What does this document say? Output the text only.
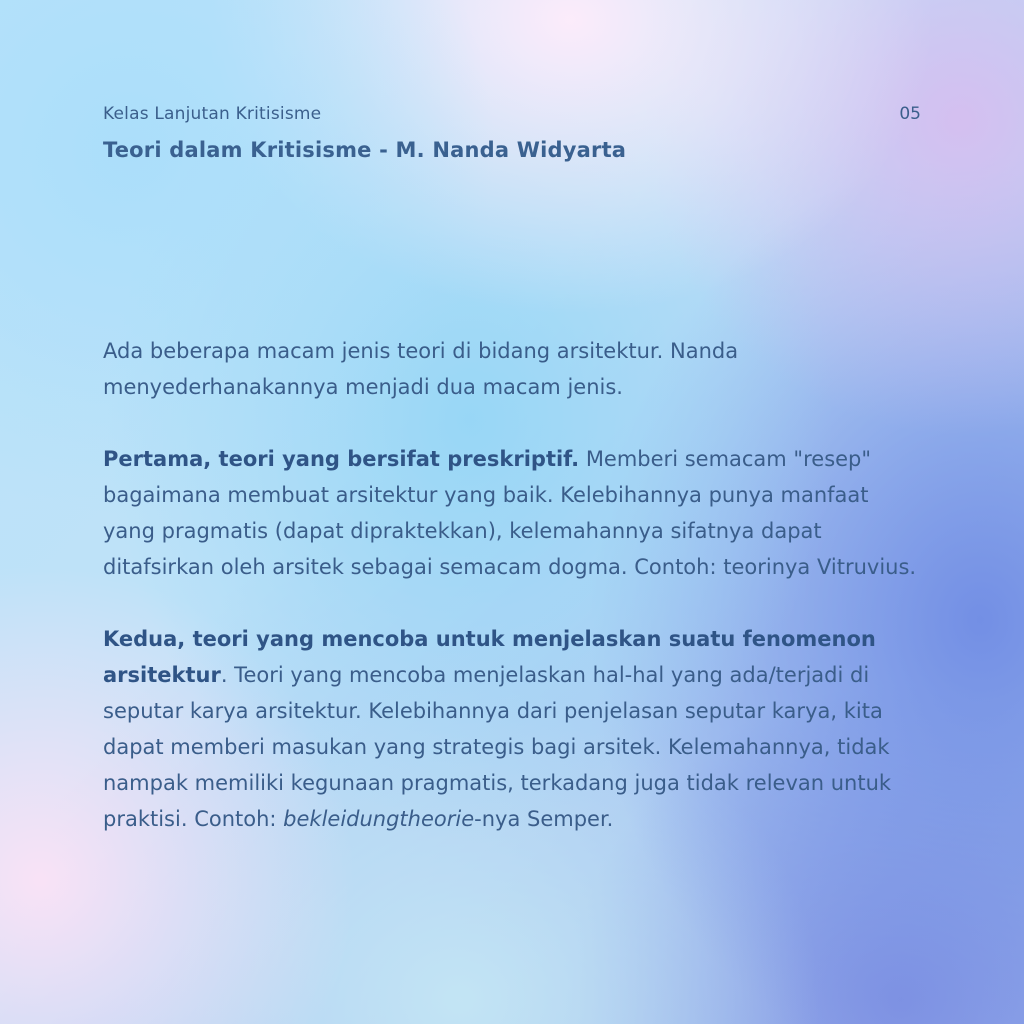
Kelas Lanjutan Kritisisme
Teori dalam Kritisisme - M. Nanda Widyarta
05

Ada beberapa macam jenis teori di bidang arsitektur. Nanda menyederhanakannya menjadi dua macam jenis.

Pertama, teori yang bersifat preskriptif. Memberi semacam "resep" bagaimana membuat arsitektur yang baik. Kelebihannya punya manfaat yang pragmatis (dapat dipraktekkan), kelemahannya sifatnya dapat ditafsirkan oleh arsitek sebagai semacam dogma. Contoh: teorinya Vitruvius.

Kedua, teori yang mencoba untuk menjelaskan suatu fenomenon arsitektur. Teori yang mencoba menjelaskan hal-hal yang ada/terjadi di seputar karya arsitektur. Kelebihannya dari penjelasan seputar karya, kita dapat memberi masukan yang strategis bagi arsitek. Kelemahannya, tidak nampak memiliki kegunaan pragmatis, terkadang juga tidak relevan untuk praktisi. Contoh: bekleidungtheorie-nya Semper.
